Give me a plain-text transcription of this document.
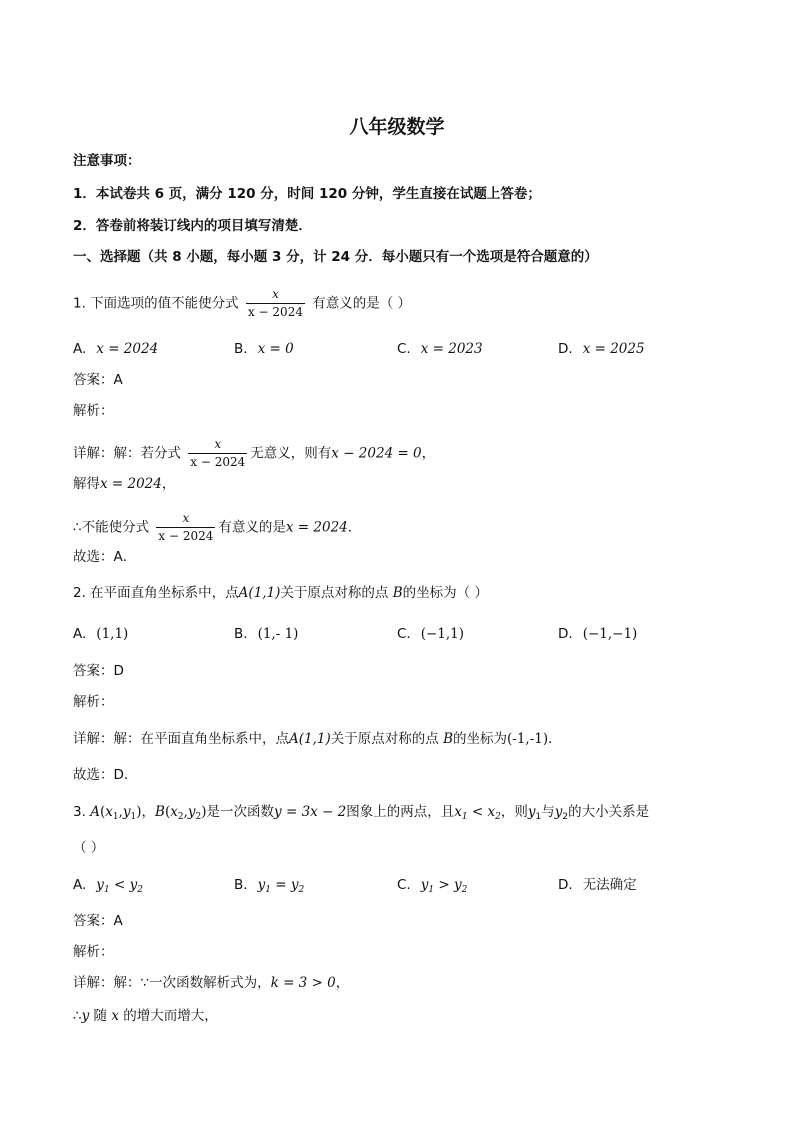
八年级数学
注意事项：
1．本试卷共 6 页，满分 120 分，时间 120 分钟，学生直接在试题上答卷；
2．答卷前将装订线内的项目填写清楚．
一、选择题（共 8 小题，每小题 3 分，计 24 分．每小题只有一个选项是符合题意的）
1. 下面选项的值不能使分式 $\frac{x}{x - 2024}$ 有意义的是（ ）
A. x = 2024	B. x = 0	C. x = 2023	D. x = 2025
答案：A
解析：
详解：解：若分式 $\frac{x}{x - 2024}$ 无意义，则有x − 2024 = 0，
解得x = 2024，
∴不能使分式 $\frac{x}{x - 2024}$ 有意义的是x = 2024．
故选：A．
2. 在平面直角坐标系中，点A(1,1)关于原点对称的点 B的坐标为（ ）
A. (1,1)	B. (1,- 1)	C. (−1,1)	D. (−1,−1)
答案：D
解析：
详解：解：在平面直角坐标系中，点A(1,1)关于原点对称的点 B的坐标为(-1,-1)．
故选：D．
3. $A(x_1,y_1)$，$B(x_2,y_2)$是一次函数y = 3x − 2图象上的两点，且$x_1 < x_2$，则$y_1$与$y_2$的大小关系是
（ ）
A. $y_1 < y_2$	B. $y_1 = y_2$	C. $y_1 > y_2$	D. 无法确定
答案：A
解析：
详解：解：∵一次函数解析式为，k = 3 > 0，
∴y 随 x 的增大而增大，
